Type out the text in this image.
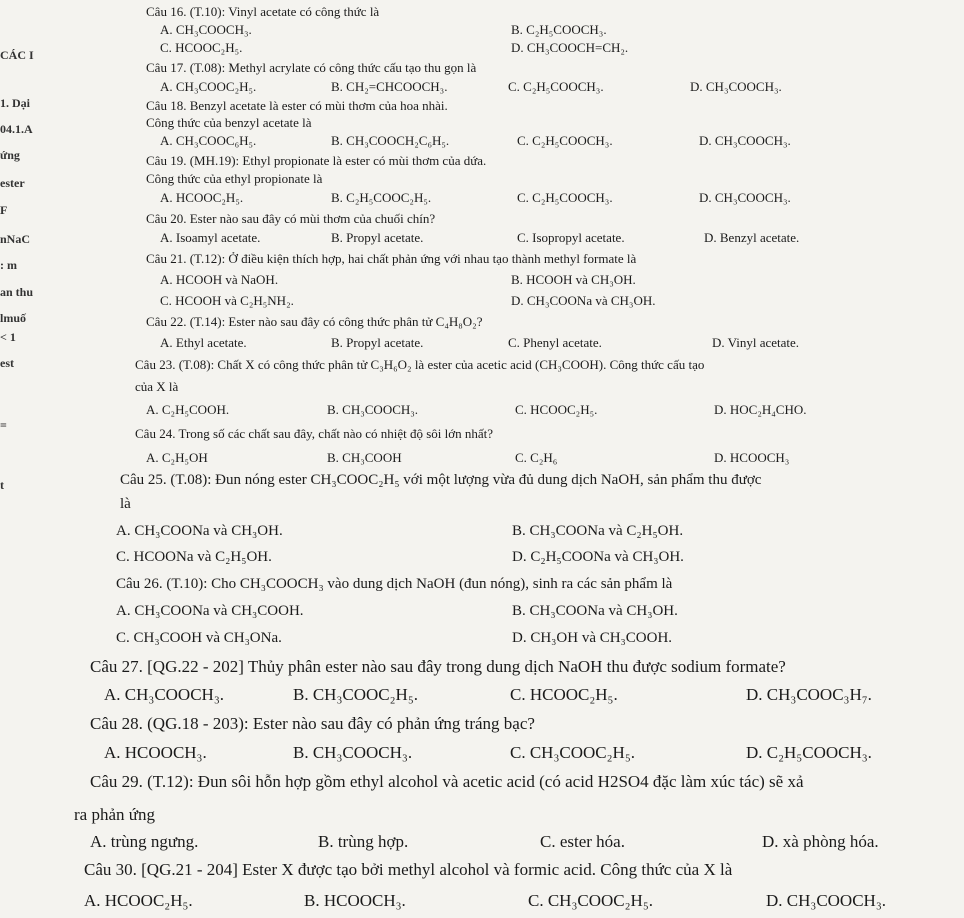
CÁC I
1. Dại
04.1.A
ứng
ester
F
nNaC
: m
an thu
lmuố
< 1
est
=
t
Câu 16. (T.10): Vinyl acetate có công thức là
A. CH₃COOCH₃.	B. C₂H₅COOCH₃.
C. HCOOC₂H₅.	D. CH₃COOCH=CH₂.
Câu 17. (T.08): Methyl acrylate có công thức cấu tạo thu gọn là
A. CH₃COOC₂H₅.	B. CH₂=CHCOOCH₃.	C. C₂H₅COOCH₃.	D. CH₃COOCH₃.
Câu 18. Benzyl acetate là ester có mùi thơm của hoa nhài.
Công thức của benzyl acetate là
A. CH₃COOC₆H₅.	B. CH₃COOCH₂C₆H₅.	C. C₂H₅COOCH₃.	D. CH₃COOCH₃.
Câu 19. (MH.19): Ethyl propionate là ester có mùi thơm của dứa.
Công thức của ethyl propionate là
A. HCOOC₂H₅.	B. C₂H₅COOC₂H₅.	C. C₂H₅COOCH₃.	D. CH₃COOCH₃.
Câu 20. Ester nào sau đây có mùi thơm của chuối chín?
A. Isoamyl acetate.	B. Propyl acetate.	C. Isopropyl acetate.	D. Benzyl acetate.
Câu 21. (T.12): Ở điều kiện thích hợp, hai chất phản ứng với nhau tạo thành methyl formate là
A. HCOOH và NaOH.	B. HCOOH và CH₃OH.
C. HCOOH và C₂H₅NH₂.	D. CH₃COONa và CH₃OH.
Câu 22. (T.14): Ester nào sau đây có công thức phân tử C₄H₈O₂?
A. Ethyl acetate.	B. Propyl acetate.	C. Phenyl acetate.	D. Vinyl acetate.
Câu 23. (T.08): Chất X có công thức phân tử C₃H₆O₂ là ester của acetic acid (CH₃COOH). Công thức cấu tạo
của X là
A. C₂H₅COOH.	B. CH₃COOCH₃.	C. HCOOC₂H₅.	D. HOC₂H₄CHO.
Câu 24. Trong số các chất sau đây, chất nào có nhiệt độ sôi lớn nhất?
A. C₂H₅OH	B. CH₃COOH	C. C₂H₆	D. HCOOCH₃
Câu 25. (T.08): Đun nóng ester CH₃COOC₂H₅ với một lượng vừa đủ dung dịch NaOH, sản phẩm thu được
là
A. CH₃COONa và CH₃OH.	B. CH₃COONa và C₂H₅OH.
C. HCOONa và C₂H₅OH.	D. C₂H₅COONa và CH₃OH.
Câu 26. (T.10): Cho CH₃COOCH₃ vào dung dịch NaOH (đun nóng), sinh ra các sản phẩm là
A. CH₃COONa và CH₃COOH.	B. CH₃COONa và CH₃OH.
C. CH₃COOH và CH₃ONa.	D. CH₃OH và CH₃COOH.
Câu 27. [QG.22 - 202] Thủy phân ester nào sau đây trong dung dịch NaOH thu được sodium formate?
A. CH₃COOCH₃.	B. CH₃COOC₂H₅.	C. HCOOC₂H₅.	D. CH₃COOC₃H₇.
Câu 28. (QG.18 - 203): Ester nào sau đây có phản ứng tráng bạc?
A. HCOOCH₃.	B. CH₃COOCH₃.	C. CH₃COOC₂H₅.	D. C₂H₅COOCH₃.
Câu 29. (T.12): Đun sôi hỗn hợp gồm ethyl alcohol và acetic acid (có acid H2SO4 đặc làm xúc tác) sẽ xả
ra phản ứng
A. trùng ngưng.	B. trùng hợp.	C. ester hóa.	D. xà phòng hóa.
Câu 30. [QG.21 - 204] Ester X được tạo bởi methyl alcohol và formic acid. Công thức của X là
A. HCOOC₂H₅.	B. HCOOCH₃.	C. CH₃COOC₂H₅.	D. CH₃COOCH₃.
